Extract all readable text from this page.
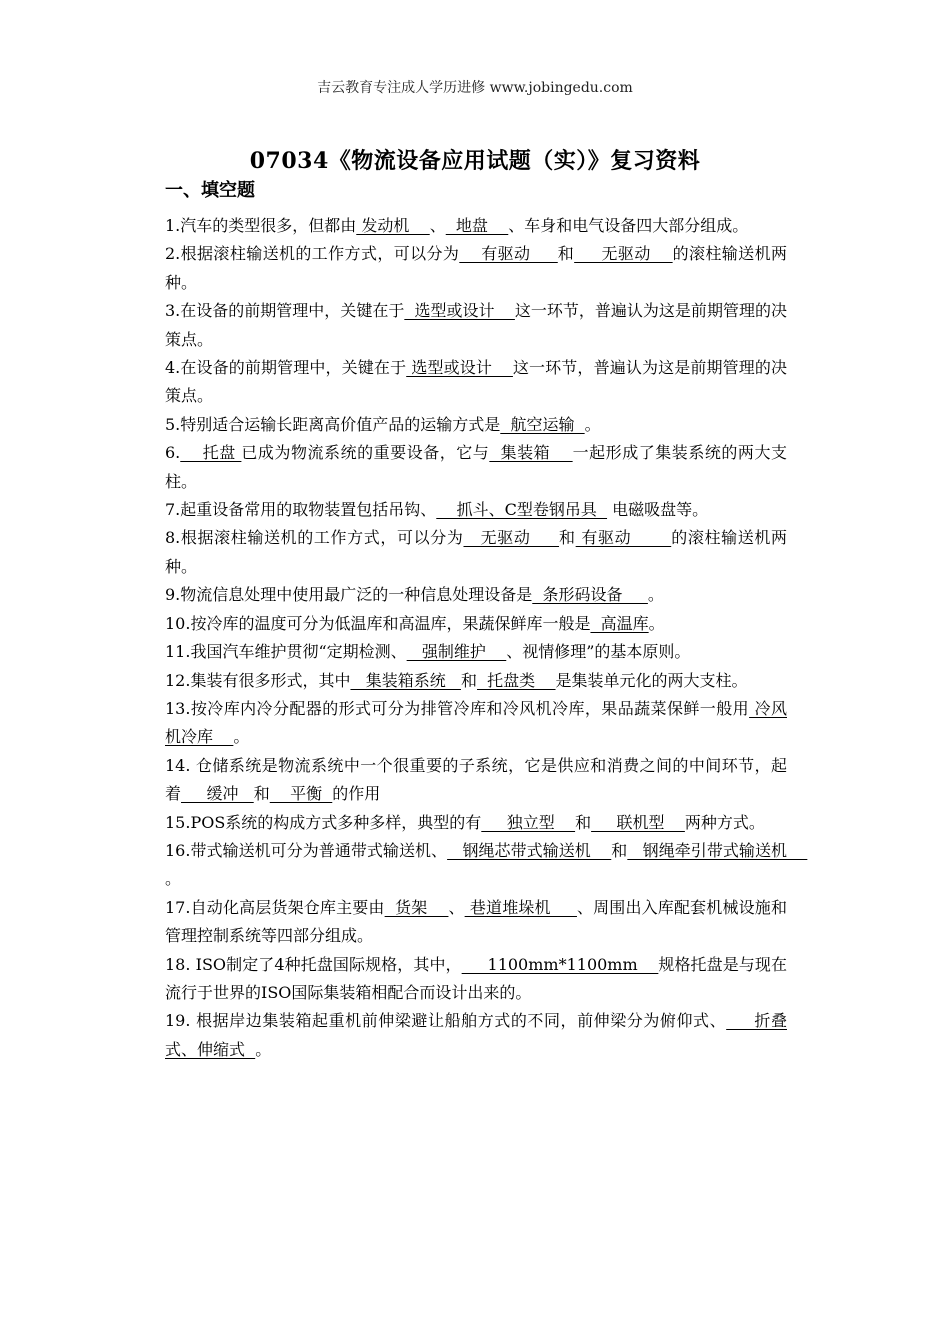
吉云教育专注成人学历进修 www.jobingedu.com
07034《物流设备应用试题（实）》复习资料
一、填空题

1.汽车的类型很多，但都由 发动机    、  地盘    、车身和电气设备四大部分组成。

2.根据滚柱输送机的工作方式，可以分为    有驱动     和     无驱动    的滚柱输送机两种。

3.在设备的前期管理中，关键在于  选型或设计    这一环节，普遍认为这是前期管理的决策点。

4.在设备的前期管理中，关键在于 选型或设计    这一环节，普遍认为这是前期管理的决策点。

5.特别适合运输长距离高价值产品的运输方式是  航空运输  。

6.    托盘 已成为物流系统的重要设备，它与  集装箱    一起形成了集装系统的两大支柱。

7.起重设备常用的取物装置包括吊钩、    抓斗、C型卷钢吊具   电磁吸盘等。

8.根据滚柱输送机的工作方式，可以分为   无驱动     和 有驱动       的滚柱输送机两种。

9.物流信息处理中使用最广泛的一种信息处理设备是  条形码设备     。

10.按冷库的温度可分为低温库和高温库，果蔬保鲜库一般是  高温库。

11.我国汽车维护贯彻“定期检测、   强制维护    、视情修理”的基本原则。

12.集装有很多形式，其中   集装箱系统   和  托盘类    是集装单元化的两大支柱。

13.按冷库内冷分配器的形式可分为排管冷库和冷风机冷库，果品蔬菜保鲜一般用 冷风机冷库    。

14. 仓储系统是物流系统中一个很重要的子系统，它是供应和消费之间的中间环节，起着     缓冲   和    平衡  的作用

15.POS系统的构成方式多种多样，典型的有     独立型    和     联机型    两种方式。

16.带式输送机可分为普通带式输送机、   钢绳芯带式输送机    和   钢绳牵引带式输送机    。

17.自动化高层货架仓库主要由  货架    、 巷道堆垛机     、周围出入库配套机械设施和管理控制系统等四部分组成。

18. ISO制定了4种托盘国际规格，其中，     1100mm*1100mm    规格托盘是与现在流行于世界的ISO国际集装箱相配合而设计出来的。

19. 根据岸边集装箱起重机前伸梁避让船舶方式的不同，前伸梁分为俯仰式、     折叠式、伸缩式  。
